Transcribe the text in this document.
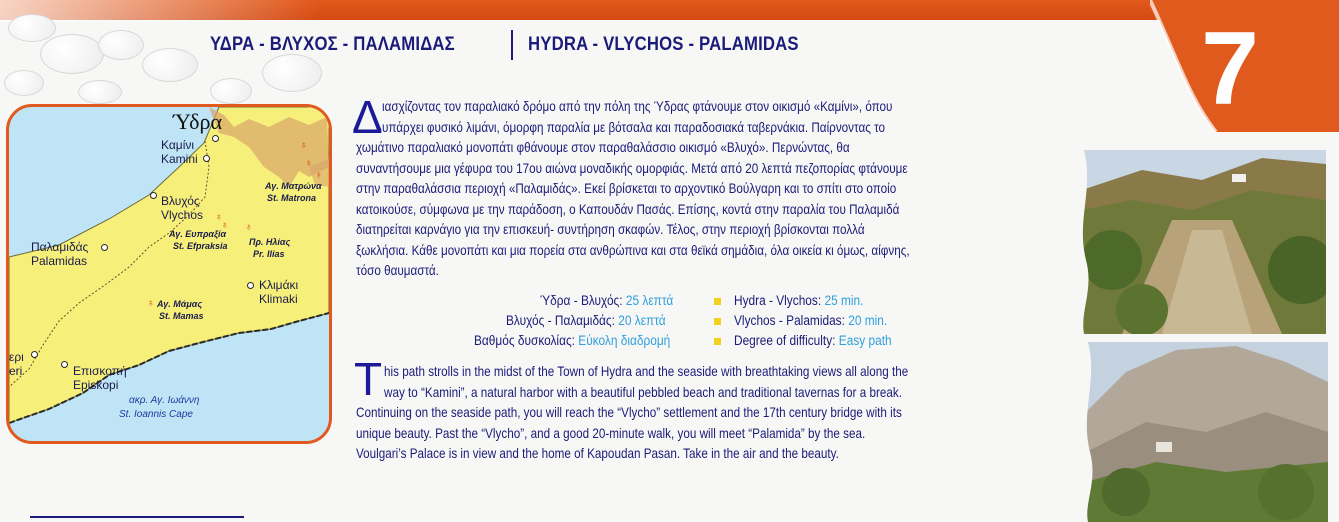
7
ΥΔΡΑ - ΒΛΥΧΟΣ - ΠΑΛΑΜΙΔΑΣ	HYDRA - VLYCHOS - PALAMIDAS
Ύδρα
Καμίνι
Kamini
♁
♁
Αγ. Ματρώνα
St. Matrona
♁
Βλυχός
Vlychos ♁
♁
Αγ. Ευπραξία
St. Efpraksia
♁
Πρ. Ηλίας
Pr. Ilias
Παλαμιδάς
Palamidas
Κλιμάκι
Klimaki
♁ Αγ. Μάμας
St. Mamas
ερι
eri	Επισκοπή
Episkopi
ακρ. Αγ. Ιωάννη
St. Ioannis Cape
Δ ιασχίζοντας τον παραλιακό δρόμο από την πόλη της Ύδρας φτάνουμε στον οικισμό «Καμίνι», όπου
υπάρχει φυσικό λιμάνι, όμορφη παραλία με βότσαλα και παραδοσιακά ταβερνάκια. Παίρνοντας το
χωμάτινο παραλιακό μονοπάτι φθάνουμε στον παραθαλάσσιο οικισμό «Βλυχό». Περνώντας, θα
συναντήσουμε μια γέφυρα του 17ου αιώνα μοναδικής ομορφιάς. Μετά από 20 λεπτά πεζοπορίας φτάνουμε
στην παραθαλάσσια περιοχή «Παλαμιδάς». Εκεί βρίσκεται το αρχοντικό Βούλγαρη και το σπίτι στο οποίο
κατοικούσε, σύμφωνα με την παράδοση, ο Καπουδάν Πασάς. Επίσης, κοντά στην παραλία του Παλαμιδά
διατηρείται καρνάγιο για την επισκευή- συντήρηση σκαφών. Τέλος, στην περιοχή βρίσκονται πολλά
ξωκλήσια. Κάθε μονοπάτι και μια πορεία στα ανθρώπινα και στα θεϊκά σημάδια, όλα οικεία κι όμως, αίφνης,
τόσο θαυμαστά.
Ύδρα - Βλυχός: 25 λεπτά
Βλυχός - Παλαμιδάς: 20 λεπτά
Βαθμός δυσκολίας: Εύκολη διαδρομή
Hydra - Vlychos: 25 min.
Vlychos - Palamidas: 20 min.
Degree of difficulty: Easy path
T his path strolls in the midst of the Town of Hydra and the seaside with breathtaking views all along the
way to “Kamini”, a natural harbor with a beautiful pebbled beach and traditional tavernas for a break.
Continuing on the seaside path, you will reach the “Vlycho” settlement and the 17th century bridge with its
unique beauty. Past the “Vlycho”, and a good 20-minute walk, you will meet “Palamida” by the sea.
Voulgari’s Palace is in view and the home of Kapoudan Pasan. Take in the air and the beauty.
